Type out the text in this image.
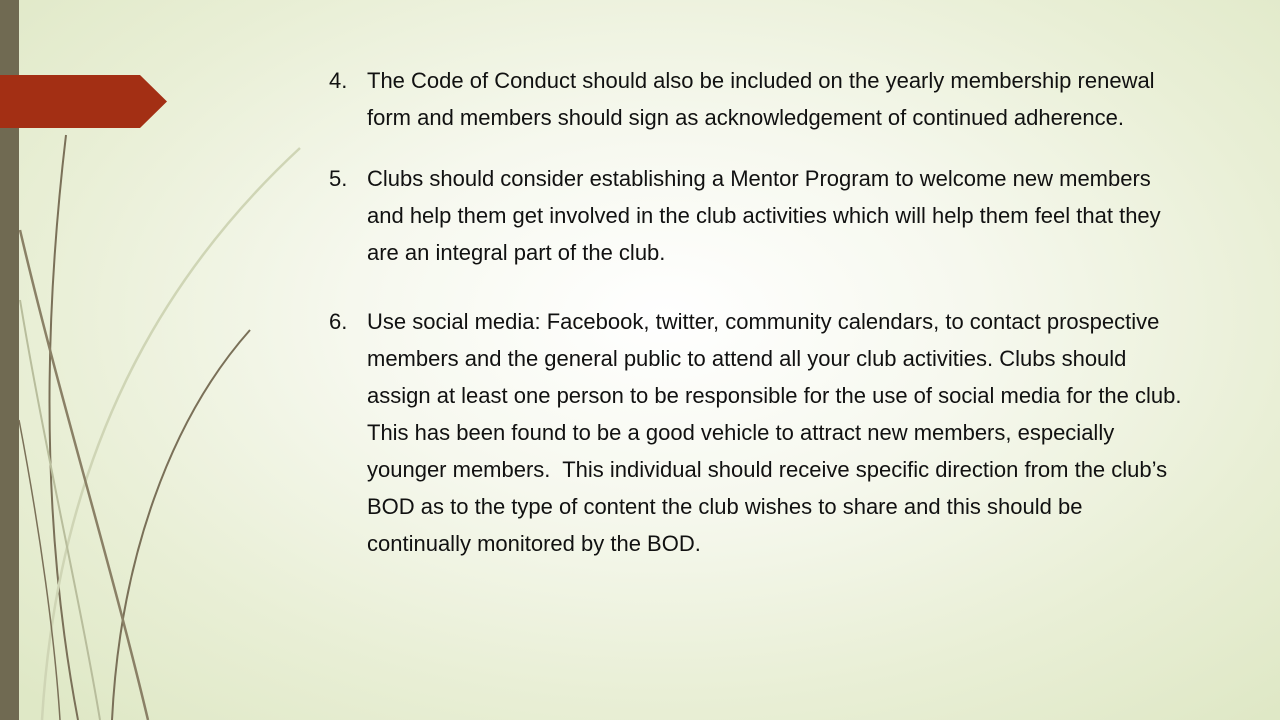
4. The Code of Conduct should also be included on the yearly membership renewal form and members should sign as acknowledgement of continued adherence.
5. Clubs should consider establishing a Mentor Program to welcome new members and help them get involved in the club activities which will help them feel that they are an integral part of the club.
6. Use social media: Facebook, twitter, community calendars, to contact prospective members and the general public to attend all your club activities. Clubs should assign at least one person to be responsible for the use of social media for the club.   This has been found to be a good vehicle to attract new members, especially younger members.  This individual should receive specific direction from the club’s BOD as to the type of content the club wishes to share and this should be continually monitored by the BOD.
